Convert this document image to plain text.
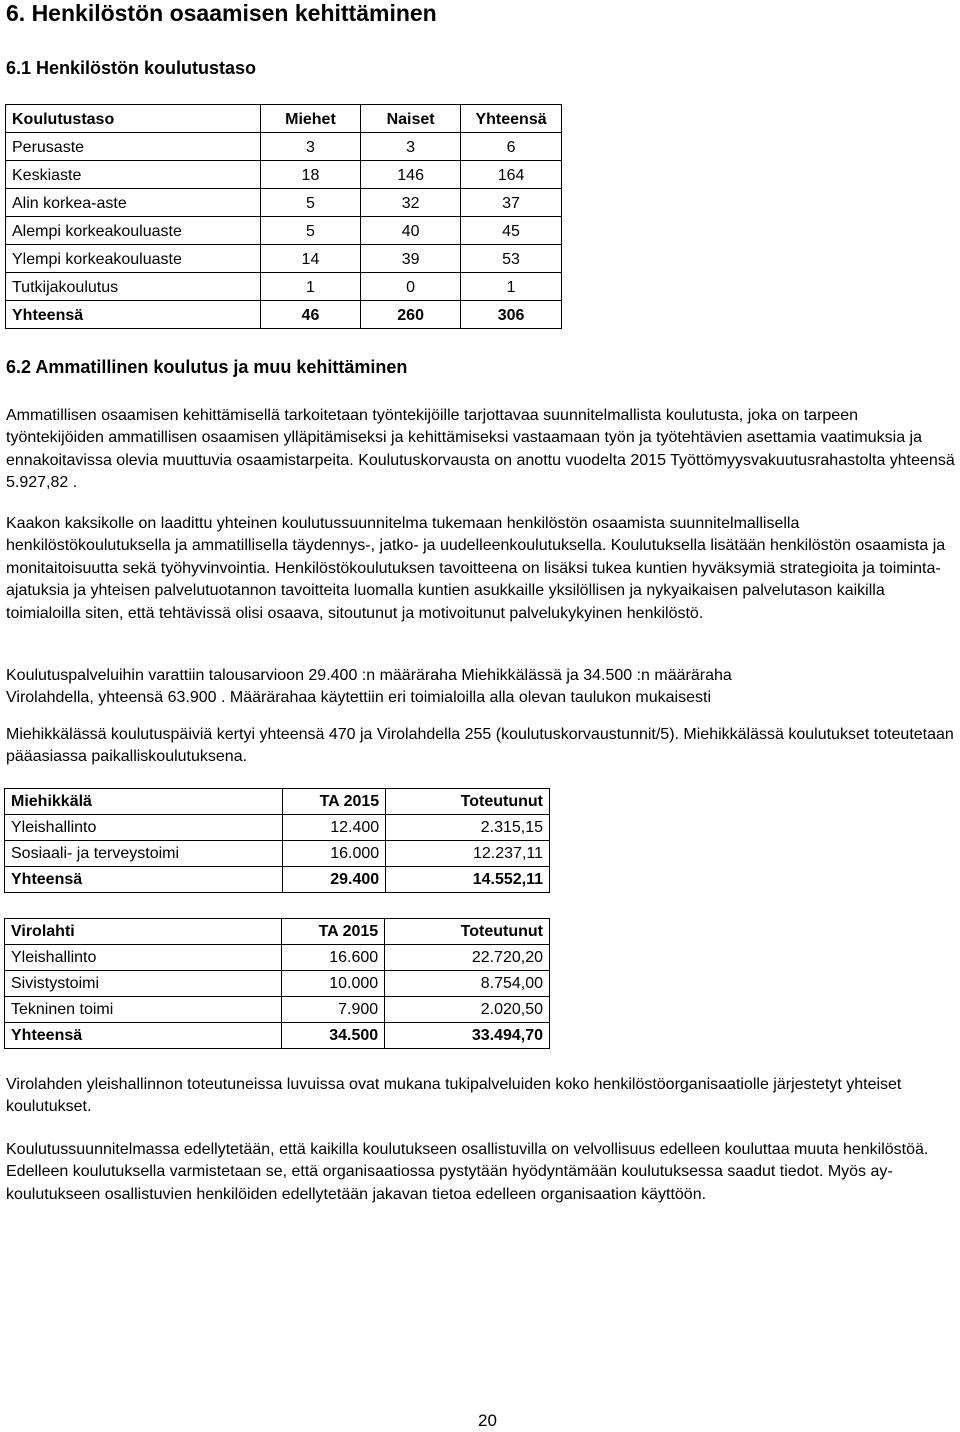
6. Henkilöstön osaamisen kehittäminen
6.1 Henkilöstön koulutustaso
Koulutustaso	Miehet	Naiset	Yhteensä
Perusaste	3	3	6
Keskiaste	18	146	164
Alin korkea-aste	5	32	37
Alempi korkeakouluaste	5	40	45
Ylempi korkeakouluaste	14	39	53
Tutkijakoulutus	1	0	1
Yhteensä	46	260	306
6.2 Ammatillinen koulutus ja muu kehittäminen

Ammatillisen osaamisen kehittämisellä tarkoitetaan työntekijöille tarjottavaa suunnitelmallista koulutusta, joka on tarpeen työntekijöiden ammatillisen osaamisen ylläpitämiseksi ja kehittämiseksi vastaamaan työn ja työtehtävien asettamia vaatimuksia ja ennakoitavissa olevia muuttuvia osaamistarpeita. Koulutuskorvausta on anottu vuodelta 2015 Työttömyysvakuutusrahastolta yhteensä 5.927,82 .

Kaakon kaksikolle on laadittu yhteinen koulutussuunnitelma tukemaan henkilöstön osaamista suunnitelmallisella henkilöstökoulutuksella ja ammatillisella täydennys-, jatko- ja uudelleenkoulutuksella. Koulutuksella lisätään henkilöstön osaamista ja monitaitoisuutta sekä työhyvinvointia. Henkilöstökoulutuksen tavoitteena on lisäksi tukea kuntien hyväksymiä strategioita ja toiminta-ajatuksia ja yhteisen palvelutuotannon tavoitteita luomalla kuntien asukkaille yksilöllisen ja nykyaikaisen palvelutason kaikilla toimialoilla siten, että tehtävissä olisi osaava, sitoutunut ja motivoitunut palvelukykyinen henkilöstö.

Koulutuspalveluihin varattiin talousarvioon 29.400 :n määräraha Miehikkälässä ja 34.500 :n määräraha
Virolahdella, yhteensä 63.900 . Määrärahaa käytettiin eri toimialoilla alla olevan taulukon mukaisesti

Miehikkälässä koulutuspäiviä kertyi yhteensä 470 ja Virolahdella 255 (koulutuskorvaustunnit/5). Miehikkälässä koulutukset toteutetaan pääasiassa paikalliskoulutuksena.

Miehikkälä	TA 2015	Toteutunut
Yleishallinto	12.400	2.315,15
Sosiaali- ja terveystoimi	16.000	12.237,11
Yhteensä	29.400	14.552,11
Virolahti	TA 2015	Toteutunut
Yleishallinto	16.600	22.720,20
Sivistystoimi	10.000	8.754,00
Tekninen toimi	7.900	2.020,50
Yhteensä	34.500	33.494,70

Virolahden yleishallinnon toteutuneissa luvuissa ovat mukana tukipalveluiden koko henkilöstöorganisaatiolle järjestetyt yhteiset koulutukset.

Koulutussuunnitelmassa edellytetään, että kaikilla koulutukseen osallistuvilla on velvollisuus edelleen kouluttaa muuta henkilöstöä. Edelleen koulutuksella varmistetaan se, että organisaatiossa pystytään hyödyntämään koulutuksessa saadut tiedot. Myös ay-koulutukseen osallistuvien henkilöiden edellytetään jakavan tietoa edelleen organisaation käyttöön.

20
